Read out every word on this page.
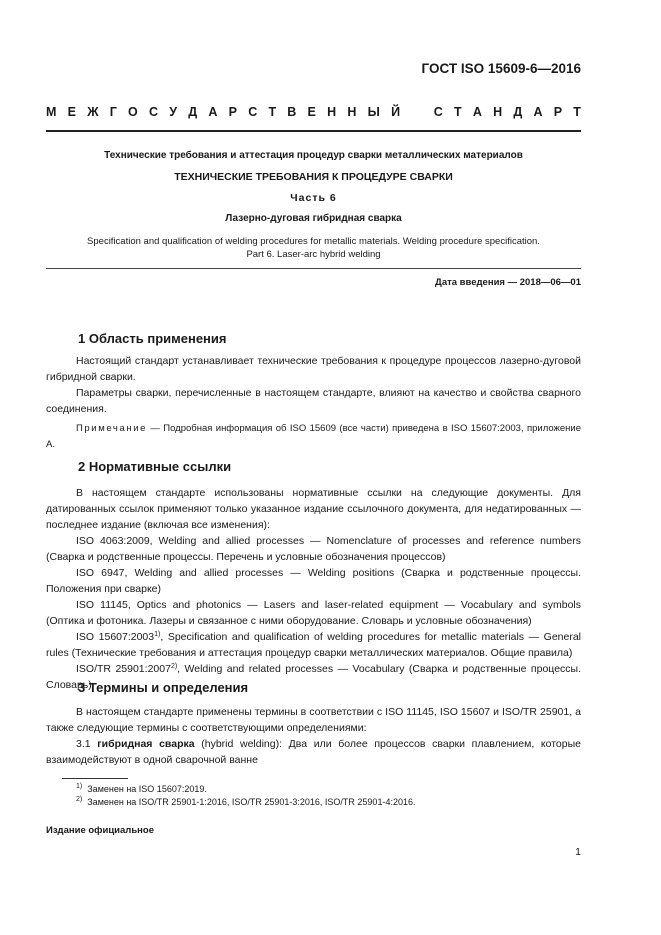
ГОСТ ISO 15609-6—2016
М Е Ж Г О С У Д А Р С Т В Е Н Н Ы Й	С Т А Н Д А Р Т
Технические требования и аттестация процедур сварки металлических материалов
ТЕХНИЧЕСКИЕ ТРЕБОВАНИЯ К ПРОЦЕДУРЕ СВАРКИ
Часть 6
Лазерно-дуговая гибридная сварка
Specification and qualification of welding procedures for metallic materials. Welding procedure specification.
Part 6. Laser-arc hybrid welding
Дата введения — 2018—06—01
1 Область применения

Настоящий стандарт устанавливает технические требования к процедуре процессов лазерно-дуговой гибридной сварки.

Параметры сварки, перечисленные в настоящем стандарте, влияют на качество и свойства сварного соединения.

Примечание — Подробная информация об ISO 15609 (все части) приведена в ISO 15607:2003, приложение А.

2 Нормативные ссылки

В настоящем стандарте использованы нормативные ссылки на следующие документы. Для датированных ссылок применяют только указанное издание ссылочного документа, для недатированных — последнее издание (включая все изменения):

ISO 4063:2009, Welding and allied processes — Nomenclature of processes and reference numbers (Сварка и родственные процессы. Перечень и условные обозначения процессов)

ISO 6947, Welding and allied processes — Welding positions (Сварка и родственные процессы. Положения при сварке)

ISO 11145, Optics and photonics — Lasers and laser-related equipment — Vocabulary and symbols (Оптика и фотоника. Лазеры и связанное с ними оборудование. Словарь и условные обозначения)

ISO 15607:2003$^{1)}$, Specification and qualification of welding procedures for metallic materials — General rules (Технические требования и аттестация процедур сварки металлических материалов. Общие правила)

ISO/TR 25901:2007$^{2)}$, Welding and related processes — Vocabulary (Сварка и родственные процессы. Словарь)

3 Термины и определения

В настоящем стандарте применены термины в соответствии с ISO 11145, ISO 15607 и ISO/TR 25901, а также следующие термины с соответствующими определениями:

3.1 гибридная сварка (hybrid welding): Два или более процессов сварки плавлением, которые взаимодействуют в одной сварочной ванне

$^{1)}$ Заменен на ISO 15607:2019.
$^{2)}$ Заменен на ISO/TR 25901-1:2016, ISO/TR 25901-3:2016, ISO/TR 25901-4:2016.
Издание официальное
1
